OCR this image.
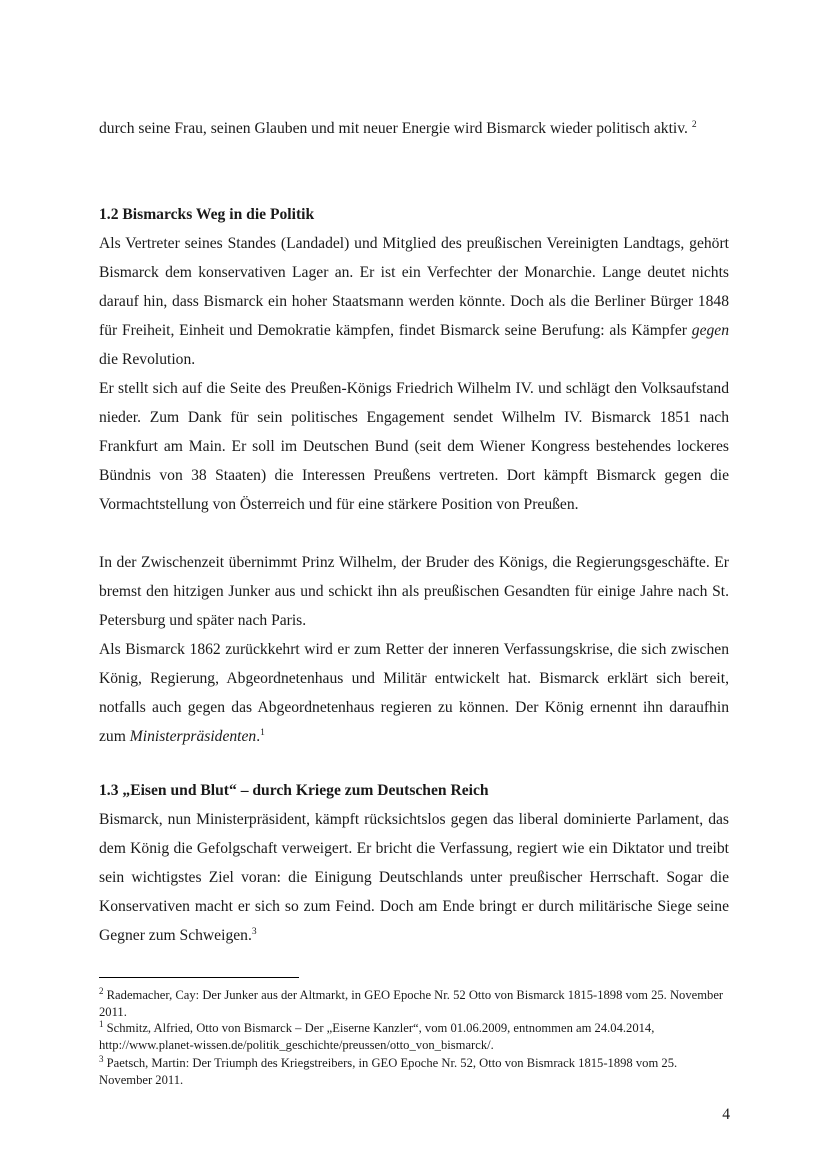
durch seine Frau, seinen Glauben und mit neuer Energie wird Bismarck wieder politisch aktiv. $^2$

1.2 Bismarcks Weg in die Politik

Als Vertreter seines Standes (Landadel) und Mitglied des preußischen Vereinigten Landtags, gehört Bismarck dem konservativen Lager an. Er ist ein Verfechter der Monarchie. Lange deutet nichts darauf hin, dass Bismarck ein hoher Staatsmann werden könnte. Doch als die Berliner Bürger 1848 für Freiheit, Einheit und Demokratie kämpfen, findet Bismarck seine Berufung: als Kämpfer gegen die Revolution.

Er stellt sich auf die Seite des Preußen-Königs Friedrich Wilhelm IV. und schlägt den Volksaufstand nieder. Zum Dank für sein politisches Engagement sendet Wilhelm IV. Bismarck 1851 nach Frankfurt am Main. Er soll im Deutschen Bund (seit dem Wiener Kongress bestehendes lockeres Bündnis von 38 Staaten) die Interessen Preußens vertreten. Dort kämpft Bismarck gegen die Vormachtstellung von Österreich und für eine stärkere Position von Preußen.

In der Zwischenzeit übernimmt Prinz Wilhelm, der Bruder des Königs, die Regierungsgeschäfte. Er bremst den hitzigen Junker aus und schickt ihn als preußischen Gesandten für einige Jahre nach St. Petersburg und später nach Paris.

Als Bismarck 1862 zurückkehrt wird er zum Retter der inneren Verfassungskrise, die sich zwischen König, Regierung, Abgeordnetenhaus und Militär entwickelt hat. Bismarck erklärt sich bereit, notfalls auch gegen das Abgeordnetenhaus regieren zu können. Der König ernennt ihn daraufhin zum Ministerpräsidenten.$^1$

1.3 „Eisen und Blut“ – durch Kriege zum Deutschen Reich

Bismarck, nun Ministerpräsident, kämpft rücksichtslos gegen das liberal dominierte Parlament, das dem König die Gefolgschaft verweigert. Er bricht die Verfassung, regiert wie ein Diktator und treibt sein wichtigstes Ziel voran: die Einigung Deutschlands unter preußischer Herrschaft. Sogar die Konservativen macht er sich so zum Feind. Doch am Ende bringt er durch militärische Siege seine Gegner zum Schweigen.$^3$

$^2$ Rademacher, Cay: Der Junker aus der Altmarkt, in GEO Epoche Nr. 52 Otto von Bismarck 1815-1898 vom 25. November 2011.

$^1$ Schmitz, Alfried, Otto von Bismarck – Der „Eiserne Kanzler“, vom 01.06.2009, entnommen am 24.04.2014, http://www.planet-wissen.de/politik_geschichte/preussen/otto_von_bismarck/.

$^3$ Paetsch, Martin: Der Triumph des Kriegstreibers, in GEO Epoche Nr. 52, Otto von Bismrack 1815-1898 vom 25. November 2011.

4
